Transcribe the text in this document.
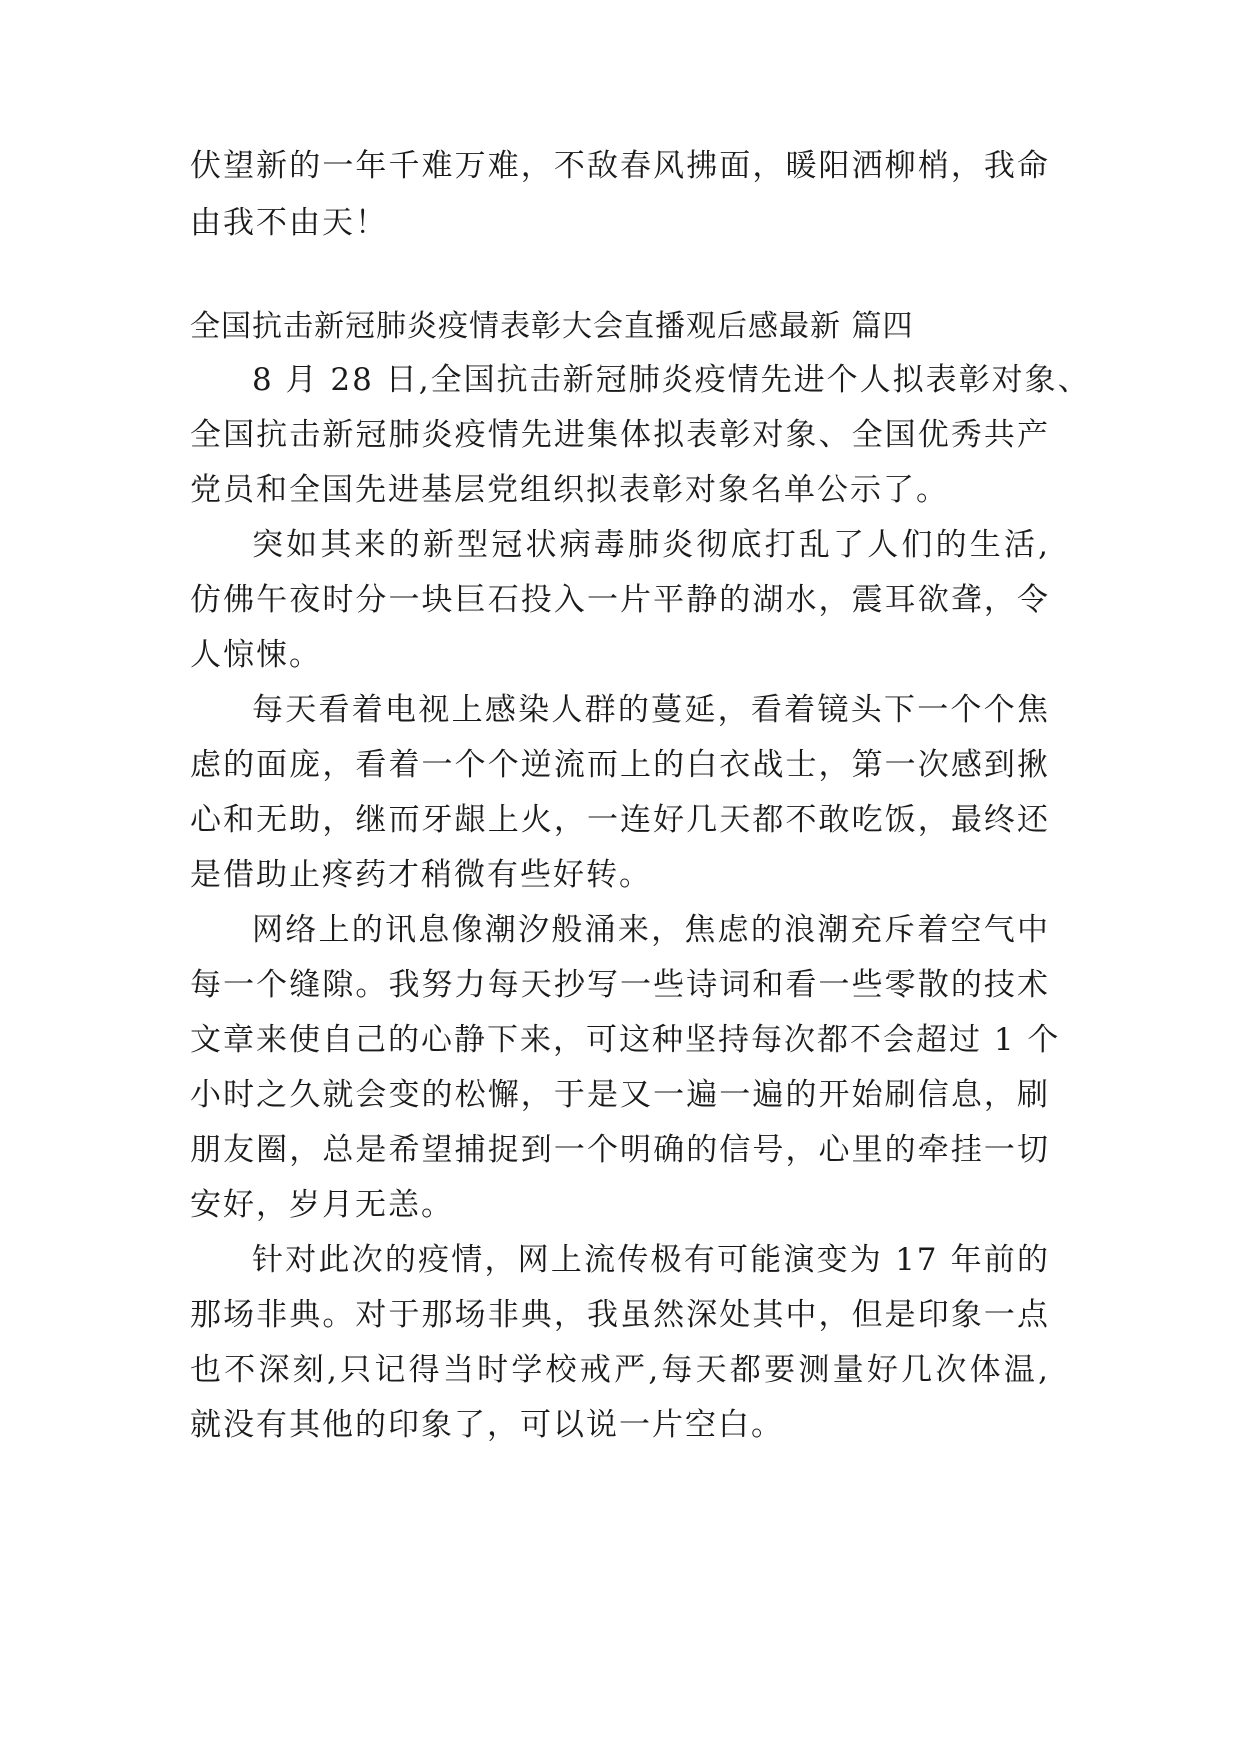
伏望新的一年千难万难，不敌春风拂面，暖阳洒柳梢，我命
由我不由天！
全国抗击新冠肺炎疫情表彰大会直播观后感最新 篇四
8 月 28 日,全国抗击新冠肺炎疫情先进个人拟表彰对象、
全国抗击新冠肺炎疫情先进集体拟表彰对象、全国优秀共产
党员和全国先进基层党组织拟表彰对象名单公示了。
突如其来的新型冠状病毒肺炎彻底打乱了人们的生活,
仿佛午夜时分一块巨石投入一片平静的湖水，震耳欲聋，令
人惊悚。
每天看着电视上感染人群的蔓延，看着镜头下一个个焦
虑的面庞，看着一个个逆流而上的白衣战士，第一次感到揪
心和无助，继而牙龈上火，一连好几天都不敢吃饭，最终还
是借助止疼药才稍微有些好转。
网络上的讯息像潮汐般涌来，焦虑的浪潮充斥着空气中
每一个缝隙。我努力每天抄写一些诗词和看一些零散的技术
文章来使自己的心静下来，可这种坚持每次都不会超过 1 个
小时之久就会变的松懈，于是又一遍一遍的开始刷信息，刷
朋友圈，总是希望捕捉到一个明确的信号，心里的牵挂一切
安好，岁月无恙。
针对此次的疫情，网上流传极有可能演变为 17 年前的
那场非典。对于那场非典，我虽然深处其中，但是印象一点
也不深刻,只记得当时学校戒严,每天都要测量好几次体温,
就没有其他的印象了，可以说一片空白。
